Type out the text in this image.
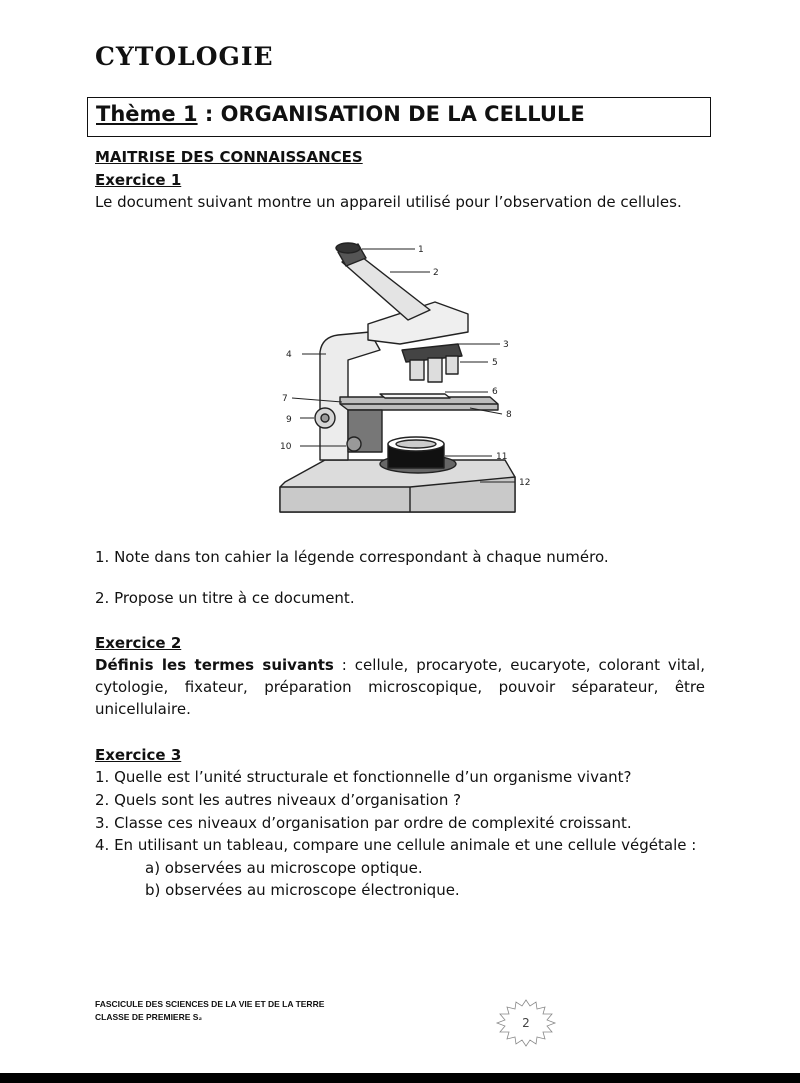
CYTOLOGIE
Thème 1 : ORGANISATION DE LA CELLULE
MAITRISE DES CONNAISSANCES
Exercice 1
Le document suivant montre un appareil utilisé pour l’observation de cellules.
1
2
3
4
5
6
7
8
9
10
11
12
1. Note dans ton cahier la légende correspondant à chaque numéro.
2. Propose un titre à ce document.
Exercice 2
Définis les termes suivants : cellule, procaryote, eucaryote, colorant vital, cytologie, fixateur, préparation microscopique, pouvoir séparateur, être unicellulaire.
Exercice 3
1. Quelle est l’unité structurale et fonctionnelle d’un organisme vivant?
2. Quels sont les autres niveaux d’organisation ?
3. Classe ces niveaux d’organisation par ordre de complexité croissant.
4. En utilisant un tableau, compare une cellule animale et une cellule végétale :
a) observées au microscope optique.
b) observées au microscope électronique.
FASCICULE DES SCIENCES DE LA VIE ET DE LA TERRE
CLASSE DE PREMIERE S₂	2
